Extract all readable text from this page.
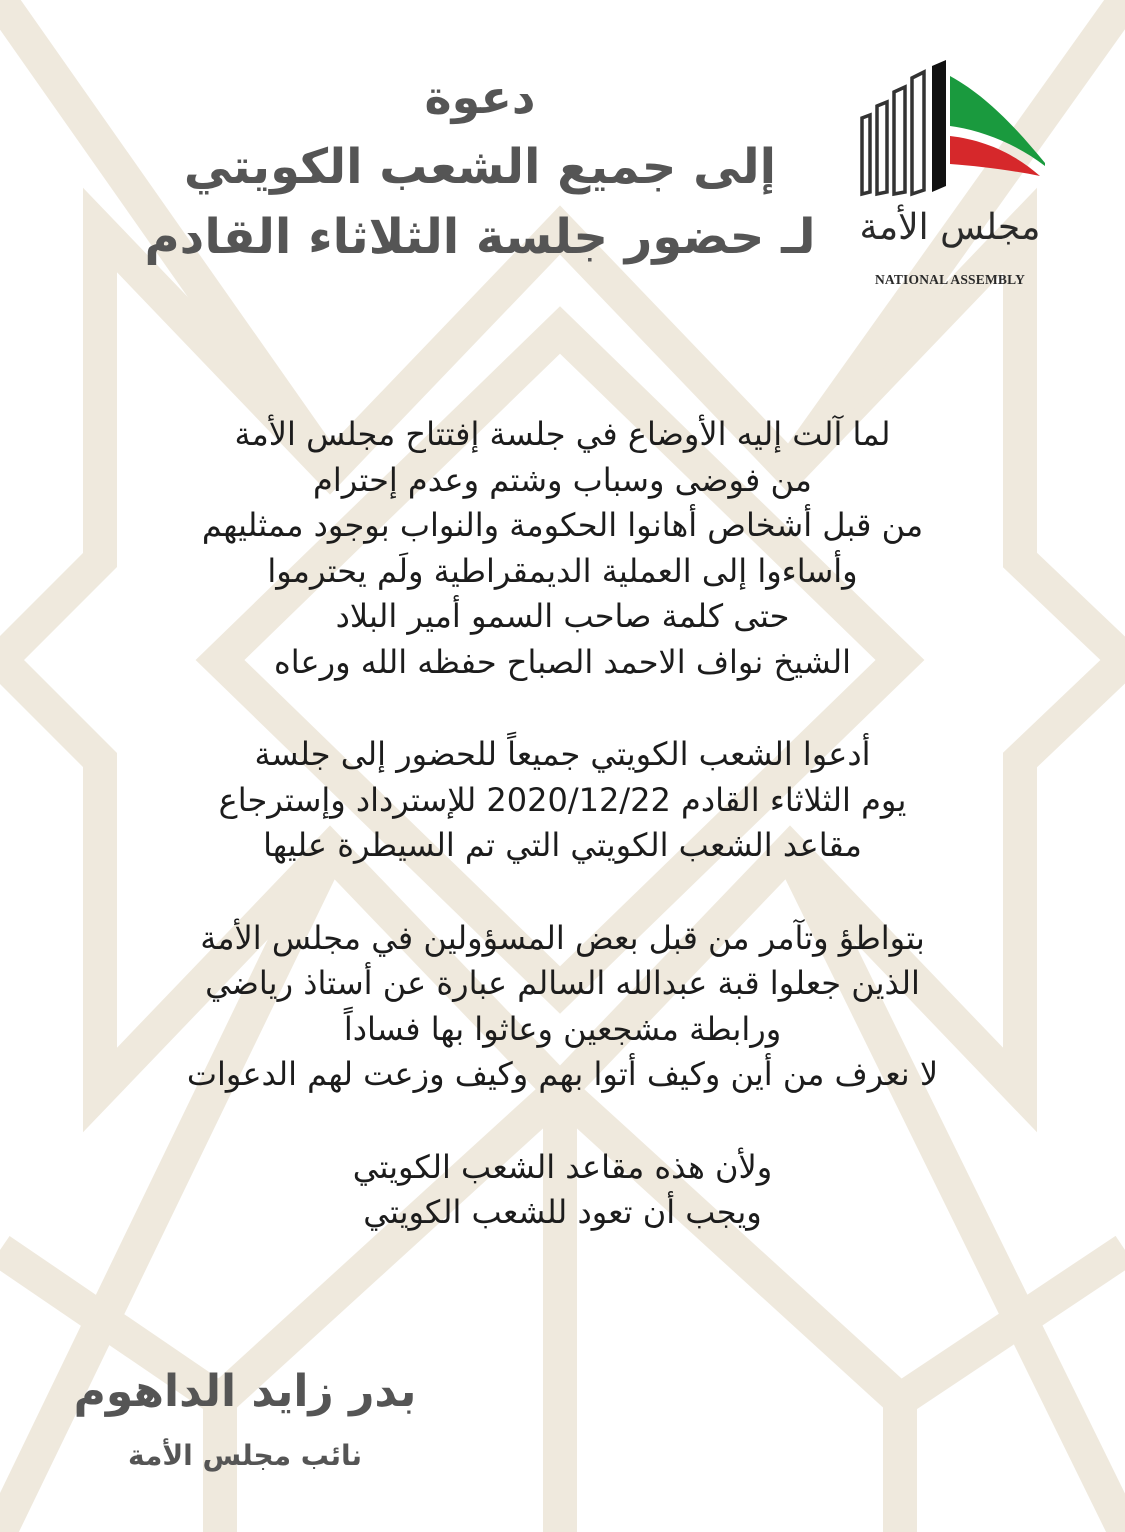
مجلس الأمة
NATIONAL ASSEMBLY
دعوة
إلى جميع الشعب الكويتي
لـ حضور جلسة الثلاثاء القادم
لما آلت إليه الأوضاع في جلسة إفتتاح مجلس الأمة
من فوضى وسباب وشتم وعدم إحترام
من قبل أشخاص أهانوا الحكومة والنواب بوجود ممثليهم
وأساءوا إلى العملية الديمقراطية ولَم يحترموا
حتى كلمة صاحب السمو أمير البلاد
الشيخ نواف الاحمد الصباح حفظه الله ورعاه
أدعوا الشعب الكويتي جميعاً للحضور إلى جلسة
يوم الثلاثاء القادم 2020/12/22 للإسترداد وإسترجاع
مقاعد الشعب الكويتي التي تم السيطرة عليها
بتواطؤ وتآمر من قبل بعض المسؤولين في مجلس الأمة
الذين جعلوا قبة عبدالله السالم عبارة عن أستاذ رياضي
ورابطة مشجعين وعاثوا بها فساداً
لا نعرف من أين وكيف أتوا بهم وكيف وزعت لهم الدعوات
ولأن هذه مقاعد الشعب الكويتي
ويجب أن تعود للشعب الكويتي
بدر زايد الداهوم
نائب مجلس الأمة
